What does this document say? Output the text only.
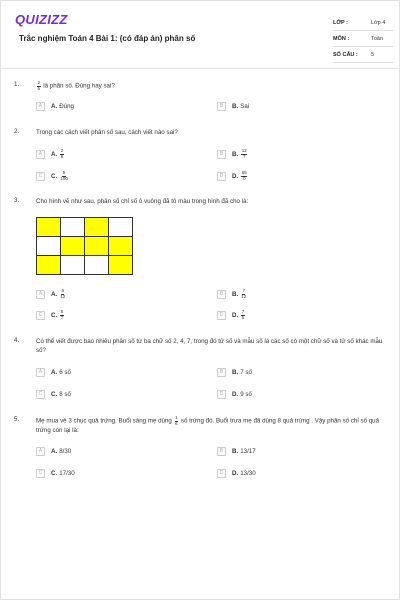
QUIZIZZ
Trắc nghiệm Toán 4 Bài 1: (có đáp án) phân số
LỚP :	Lớp 4
MÔN :	Toán
SỐ CÂU : 5
1.	$\frac{2}{5}$ là phân số. Đúng hay sai?
A	A. Đúng	B	B. Sai
2.	Trong các cách viết phân số sau, cách viết nào sai?
A	A. $\frac{2}{8}$	B	B. $\frac{12}{7}$
C	C. $\frac{5}{100}$	D	D. $\frac{65}{0}$
3.	Cho hình vẽ như sau, phân số chỉ số ô vuông đã tô màu trong hình đã cho là:
A	A. $\frac{5}{12}$	B	B. $\frac{7}{12}$
C	C. $\frac{5}{7}$	D	D. $\frac{7}{5}$

4.	Có thể viết được bao nhiêu phân số từ ba chữ số 2, 4, 7, trong đó tử số và mẫu số là các số có một chữ số và tử số khác mẫu số?
A	A. 6 số	B	B. 7 số
C	C. 8 số	D	D. 9 số
5.	Mẹ mua về 3 chục quả trứng. Buổi sáng mẹ dùng $\frac{1}{6}$ số trứng đó. Buổi trưa mẹ đã dùng 8 quả trứng . Vậy phân số chỉ số quả trứng còn lại là:
A	A. 8/30	B	B. 13/17
C	C. 17/30	D	D. 13/30
